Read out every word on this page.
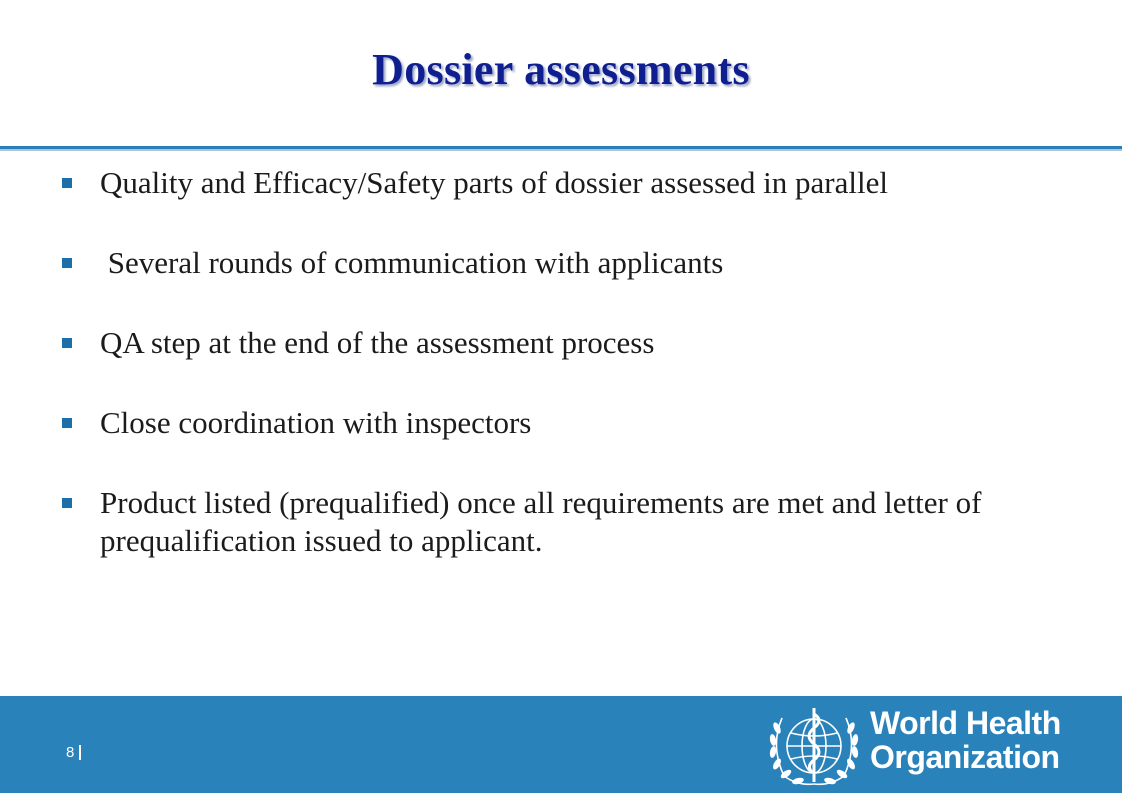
Dossier assessments
Quality and Efficacy/Safety parts of dossier assessed in parallel
Several rounds of communication with applicants
QA step at the end of the assessment process
Close coordination with inspectors
Product listed (prequalified) once all requirements are met and letter of prequalification issued to applicant.
8
World Health
Organization
